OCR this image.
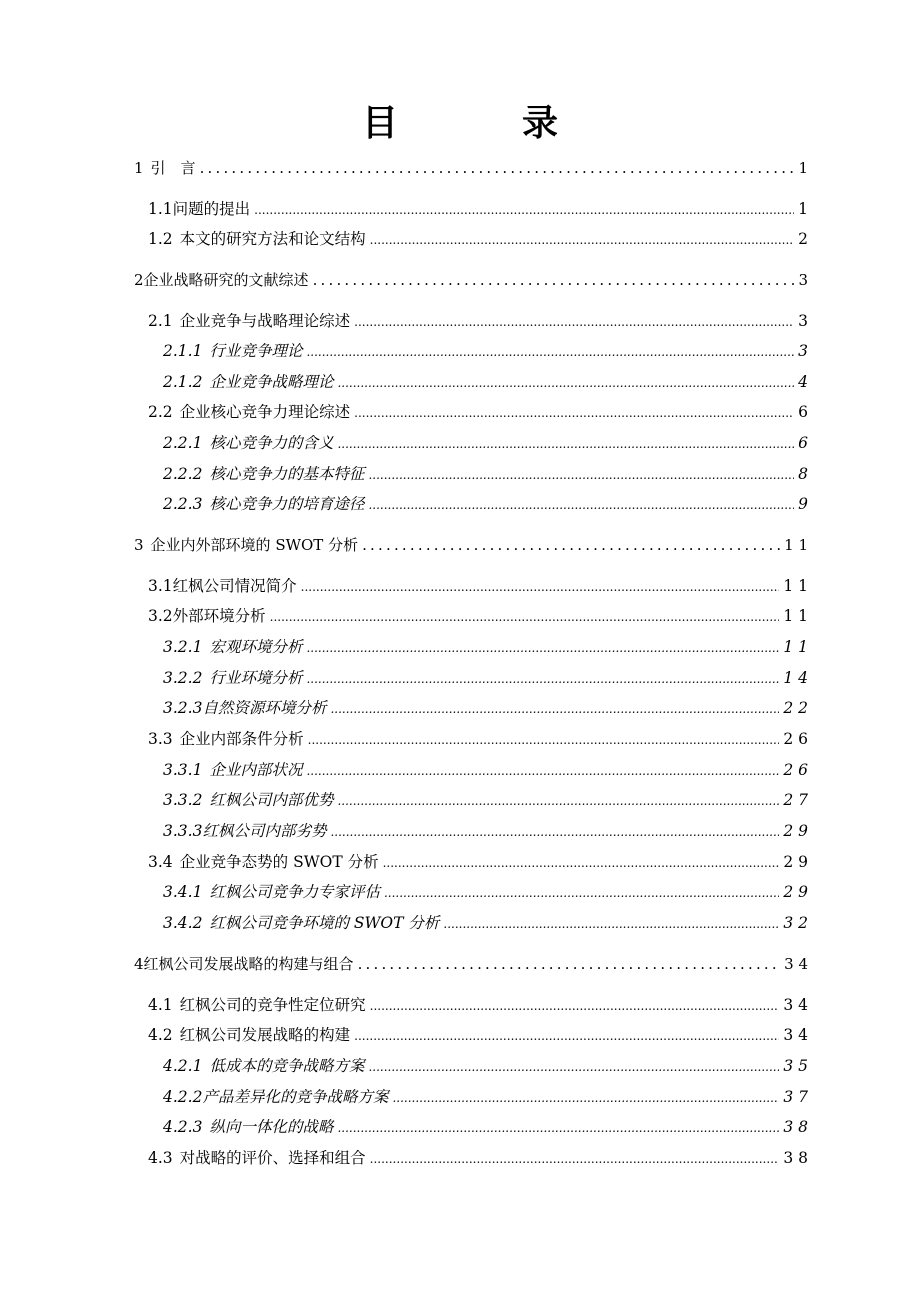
目　录
1 引　言 .....	1
1.1 问题的提出 .....	1
1.2 本文的研究方法和论文结构 .....	2
2 企业战略研究的文献综述 .....	3
2.1 企业竞争与战略理论综述 .....	3
2.1.1 行业竞争理论 .....	3
2.1.2 企业竞争战略理论 .....	4
2.2 企业核心竞争力理论综述 .....	6
2.2.1 核心竞争力的含义 .....	6
2.2.2 核心竞争力的基本特征 .....	8
2.2.3 核心竞争力的培育途径 .....	9
3 企业内外部环境的 SWOT 分析 .....	1 1
3.1 红枫公司情况简介 .....	1 1
3.2 外部环境分析 .....	1 1
3.2.1 宏观环境分析 .....	1 1
3.2.2 行业环境分析 .....	1 4
3.2.3 自然资源环境分析 .....	2 2
3.3 企业内部条件分析 .....	2 6
3.3.1 企业内部状况 .....	2 6
3.3.2 红枫公司内部优势 .....	2 7
3.3.3 红枫公司内部劣势 .....	2 9
3.4 企业竞争态势的 SWOT 分析 .....	2 9
3.4.1 红枫公司竞争力专家评估 .....	2 9
3.4.2 红枫公司竞争环境的 SWOT 分析 .....	3 2
4 红枫公司发展战略的构建与组合 .....	3 4
4.1 红枫公司的竞争性定位研究 .....	3 4
4.2 红枫公司发展战略的构建 .....	3 4
4.2.1 低成本的竞争战略方案 .....	3 5
4.2.2 产品差异化的竞争战略方案 .....	3 7
4.2.3 纵向一体化的战略 .....	3 8
4.3 对战略的评价、选择和组合 .....	3 8
